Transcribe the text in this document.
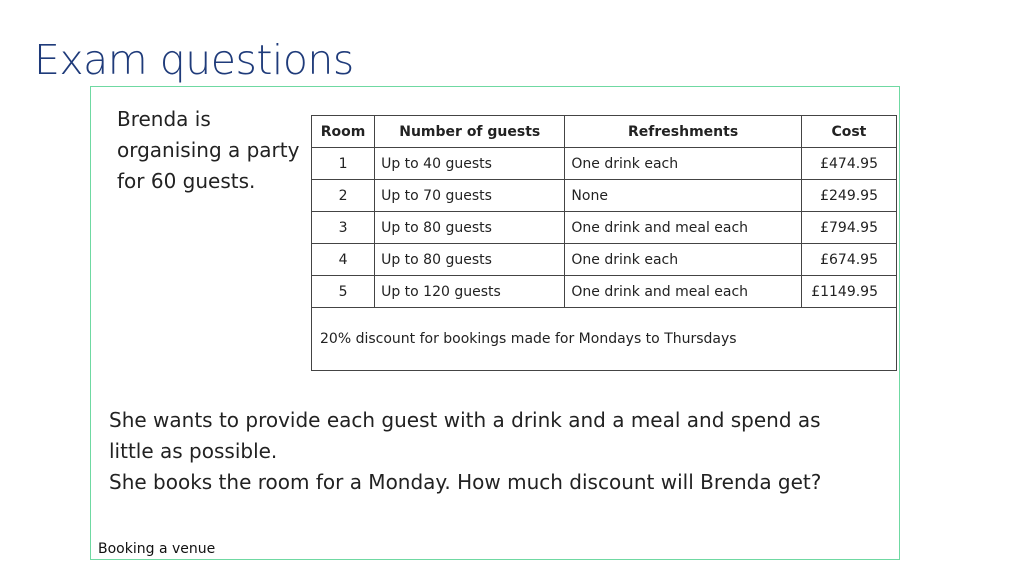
Exam questions
Brenda is organising a party for 60 guests.
Room	Number of guests	Refreshments	Cost
1	Up to 40 guests	One drink each	£474.95
2	Up to 70 guests	None	£249.95
3	Up to 80 guests	One drink and meal each	£794.95
4	Up to 80 guests	One drink each	£674.95
5	Up to 120 guests	One drink and meal each	£1149.95
20% discount for bookings made for Mondays to Thursdays			

She wants to provide each guest with a drink and a meal and spend as little as possible.

She books the room for a Monday. How much discount will Brenda get?

Booking a venue
